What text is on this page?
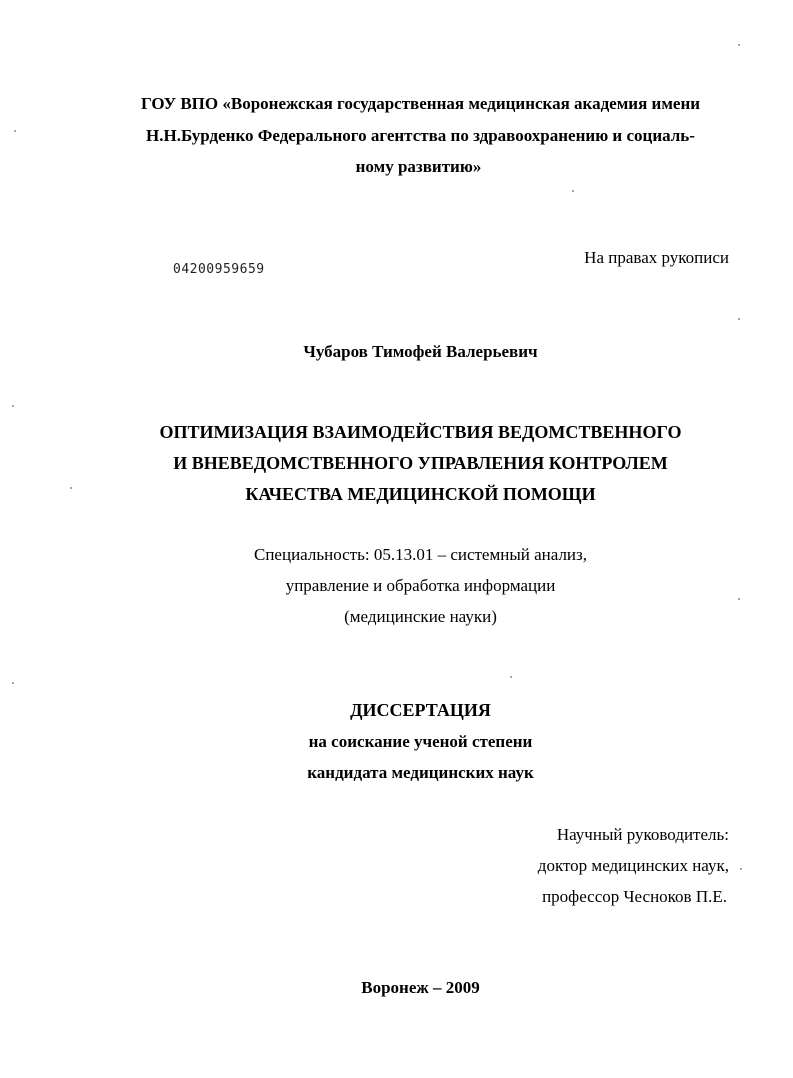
ГОУ ВПО «Воронежская государственная медицинская академия имени
Н.Н.Бурденко Федерального агентства по здравоохранению и социаль-
ному развитию»
04200959659
На правах рукописи
Чубаров Тимофей Валерьевич
ОПТИМИЗАЦИЯ ВЗАИМОДЕЙСТВИЯ ВЕДОМСТВЕННОГО
И ВНЕВЕДОМСТВЕННОГО УПРАВЛЕНИЯ КОНТРОЛЕМ
КАЧЕСТВА МЕДИЦИНСКОЙ ПОМОЩИ
Специальность: 05.13.01 – системный анализ,
управление и обработка информации
(медицинские науки)
ДИССЕРТАЦИЯ
на соискание ученой степени
кандидата медицинских наук
Научный руководитель:
доктор медицинских наук,
профессор Чесноков П.Е.
Воронеж – 2009
